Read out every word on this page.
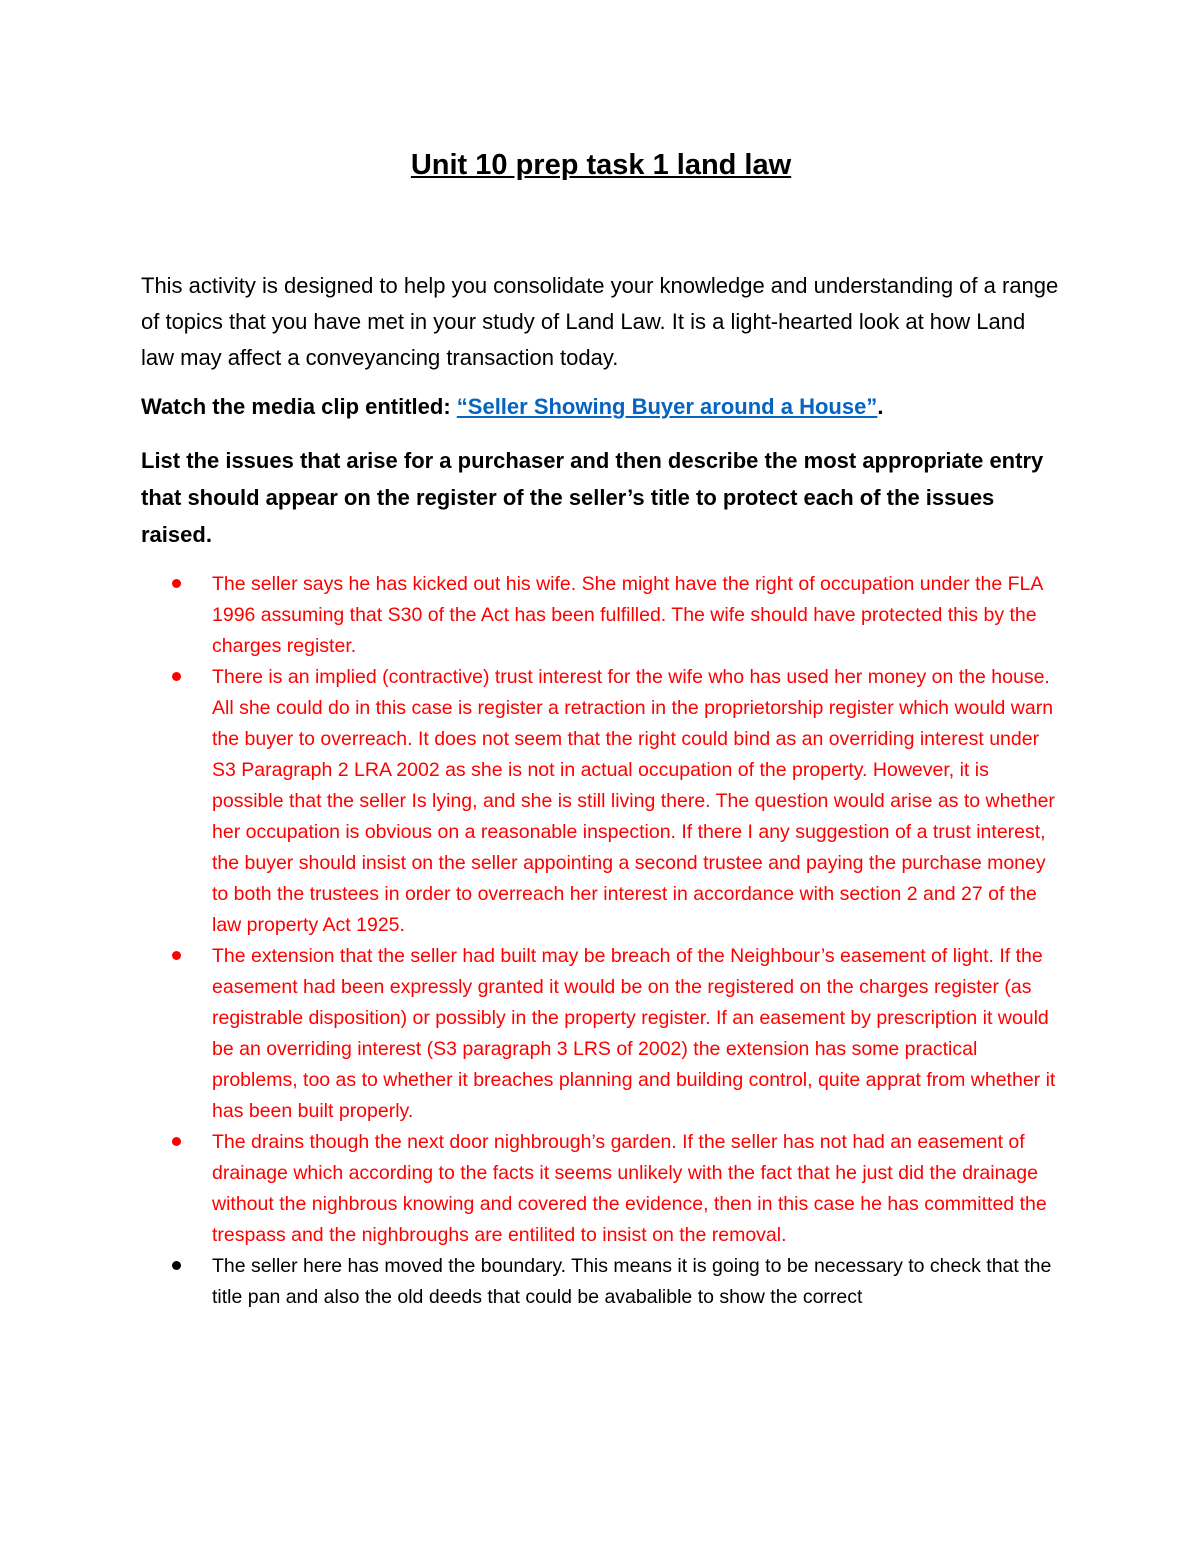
Unit 10 prep task 1 land law

This activity is designed to help you consolidate your knowledge and understanding of a range of topics that you have met in your study of Land Law. It is a light-hearted look at how Land law may affect a conveyancing transaction today.

Watch the media clip entitled: “Seller Showing Buyer around a House”.
List the issues that arise for a purchaser and then describe the most appropriate entry that should appear on the register of the seller’s title to protect each of the issues raised.
The seller says he has kicked out his wife. She might have the right of occupation under the FLA 1996 assuming that S30 of the Act has been fulfilled. The wife should have protected this by the charges register.
There is an implied (contractive) trust interest for the wife who has used her money on the house. All she could do in this case is register a retraction in the proprietorship register which would warn the buyer to overreach. It does not seem that the right could bind as an overriding interest under S3 Paragraph 2 LRA 2002 as she is not in actual occupation of the property. However, it is possible that the seller Is lying, and she is still living there. The question would arise as to whether her occupation is obvious on a reasonable inspection. If there I any suggestion of a trust interest, the buyer should insist on the seller appointing a second trustee and paying the purchase money to both the trustees in order to overreach her interest in accordance with section 2 and 27 of the law property Act 1925.
The extension that the seller had built may be breach of the Neighbour’s easement of light. If the easement had been expressly granted it would be on the registered on the charges register (as registrable disposition) or possibly in the property register. If an easement by prescription it would be an overriding interest (S3 paragraph 3 LRS of 2002) the extension has some practical problems, too as to whether it breaches planning and building control, quite apprat from whether it has been built properly.
The drains though the next door nighbrough’s garden. If the seller has not had an easement of drainage which according to the facts it seems unlikely with the fact that he just did the drainage without the nighbrous knowing and covered the evidence, then in this case he has committed the trespass and the nighbroughs are entilited to insist on the removal.
The seller here has moved the boundary. This means it is going to be necessary to check that the title pan and also the old deeds that could be avabalible to show the correct
